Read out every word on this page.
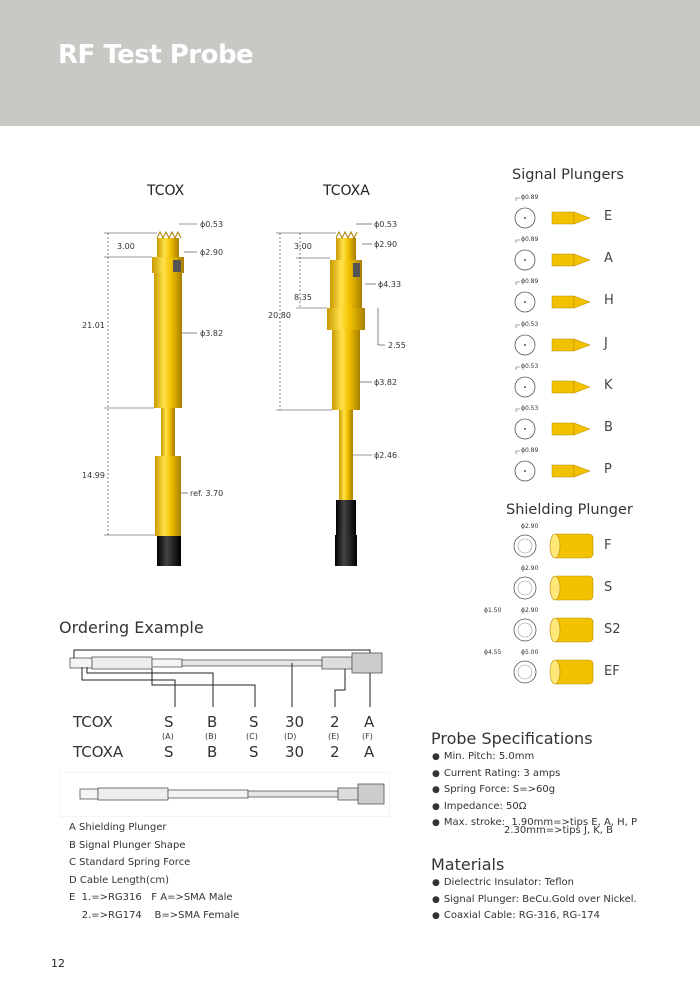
RF Test Probe
TCOX	TCOXA
ϕ0.53
3.00
ϕ2.90
21.01
ϕ3.82
14.99
ref. 3.70
ϕ0.53
3.00	ϕ2.90
8.35
ϕ4.33
20.80
2.55
ϕ3.82
ϕ2.46
Signal Plungers
ϕ0.89
E
ϕ0.89
A
ϕ0.89
H
ϕ0.53
J
ϕ0.53
K
ϕ0.53
B
ϕ0.89
P
Shielding Plunger
ϕ2.90
F
ϕ2.90
S
ϕ2.90
ϕ1.50
S2
ϕ5.00
ϕ4.55
EF
Ordering Example
TCOX	S B S 30 2 A
(A)	(B)	(C)	(D)	(E)	(F)
TCOXA	S B S 30 2 A
A Shielding Plunger
B Signal Plunger Shape
C Standard Spring Force
D Cable Length(cm)
E  1.=>RG316   F A=>SMA Male
2.=>RG174    B=>SMA Female
Probe Specifications
● Min. Pitch: 5.0mm
● Current Rating: 3 amps
● Spring Force: S=>60g
● Impedance: 50Ω
● Max. stroke:  1.90mm=>tips E, A, H, P
2.30mm=>tips J, K, B
Materials
● Dielectric Insulator: Teflon
● Signal Plunger: BeCu.Gold over Nickel.
● Coaxial Cable: RG-316, RG-174
12
